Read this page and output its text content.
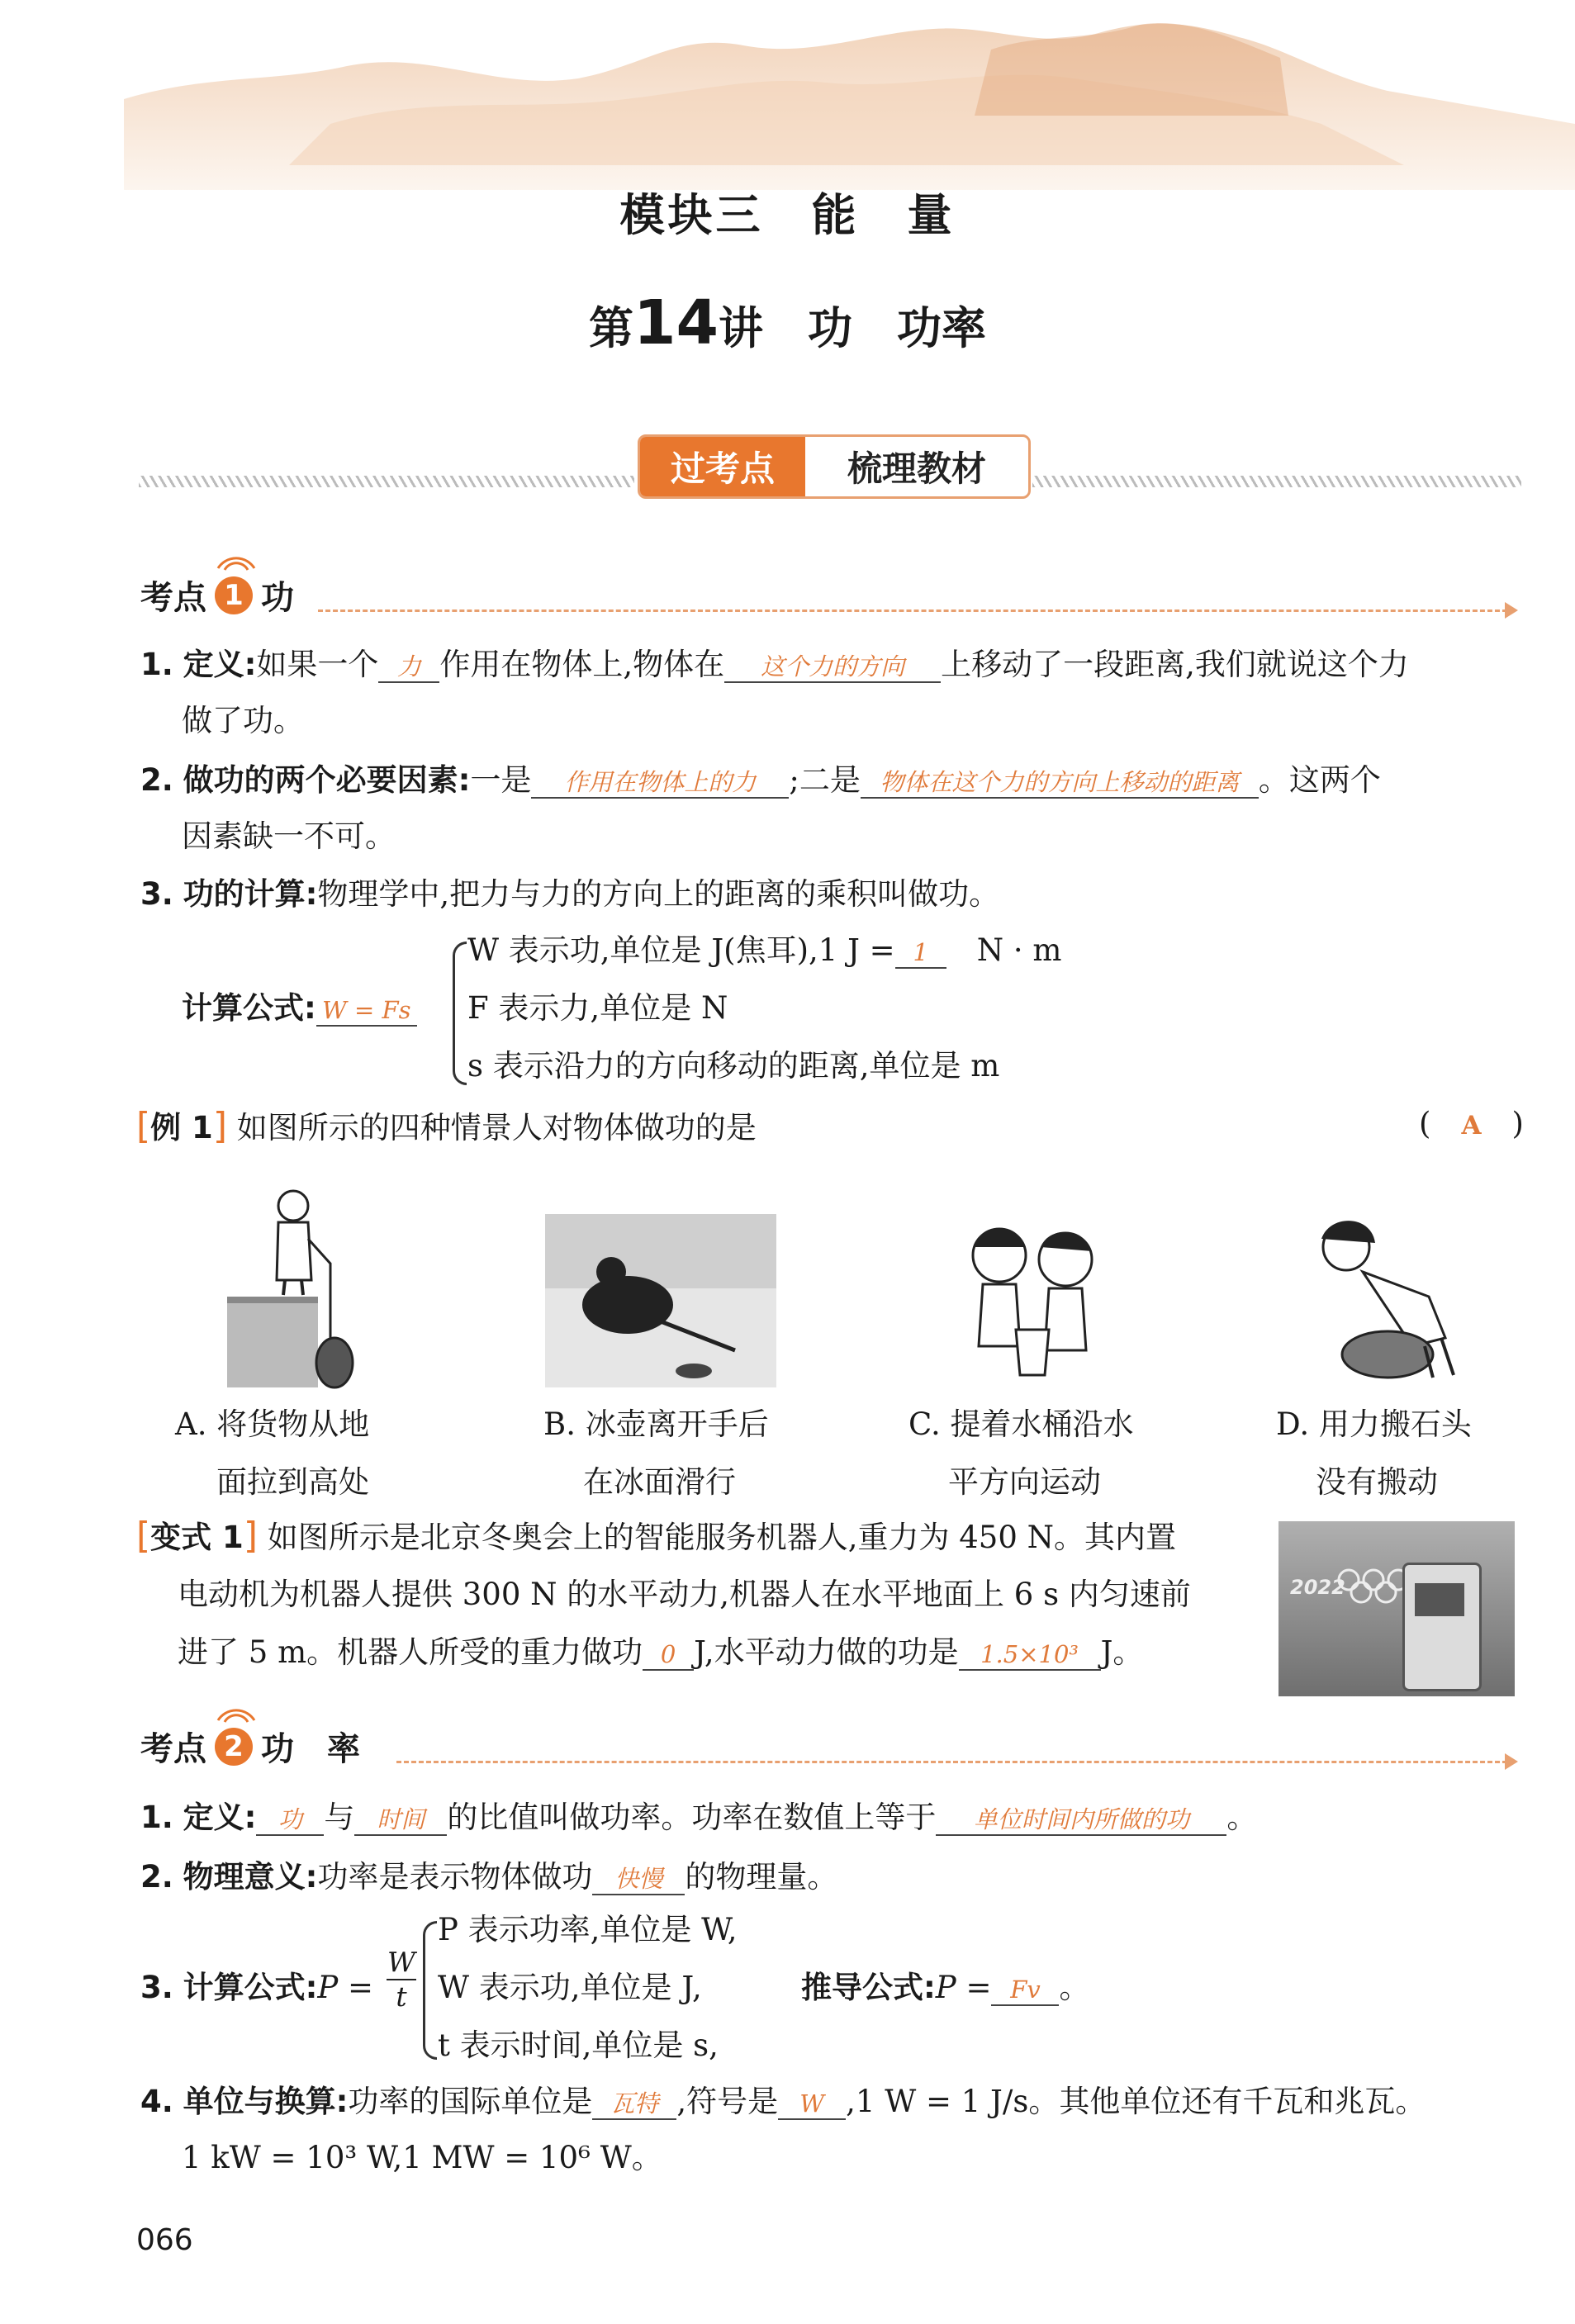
模块三　能　量
第14讲　 功　功率
过考点	梳理教材
考点 1 功
1. 定义:如果一个 力 作用在物体上,物体在 这个力的方向 上移动了一段距离,我们就说这个力
做了功。
2. 做功的两个必要因素:一是 作用在物体上的力 ;二是 物体在这个力的方向上移动的距离 。这两个
因素缺一不可。
3. 功的计算:物理学中,把力与力的方向上的距离的乘积叫做功。
计算公式: W = Fs
W 表示功,单位是 J(焦耳),1 J = 1　 N · m
F 表示力,单位是 N
s 表示沿力的方向移动的距离,单位是 m
[例 1] 如图所示的四种情景人对物体做功的是	(　 A　 )
A. 将货物从地
面拉到高处
B. 冰壶离开手后
在冰面滑行
C. 提着水桶沿水
平方向运动
D. 用力搬石头
没有搬动
[变式 1] 如图所示是北京冬奥会上的智能服务机器人,重力为 450 N。其内置
电动机为机器人提供 300 N 的水平动力,机器人在水平地面上 6 s 内匀速前
进了 5 m。机器人所受的重力做功 0 J,水平动力做的功是 1.5×10³ J。
2022
考点 2 功　率
1. 定义: 功 与 时间 的比值叫做功率。功率在数值上等于 单位时间内所做的功 。
2. 物理意义:功率是表示物体做功 快慢 的物理量。
3. 计算公式:P =
W
t
P 表示功率,单位是 W,
W 表示功,单位是 J,
t 表示时间,单位是 s,
推导公式:P = Fv 。
4. 单位与换算:功率的国际单位是 瓦特 ,符号是 W ,1 W = 1 J/s。其他单位还有千瓦和兆瓦。
1 kW = 10³ W,1 MW = 10⁶ W。
066
